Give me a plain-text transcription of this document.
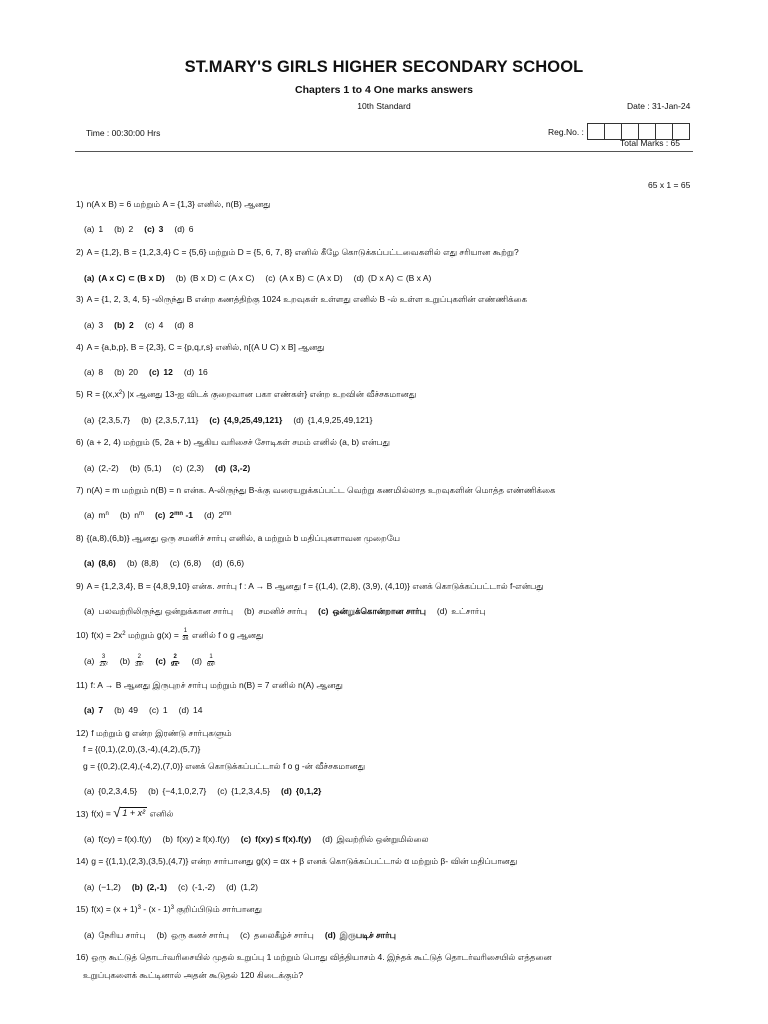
ST.MARY'S GIRLS HIGHER SECONDARY SCHOOL
Chapters 1 to 4 One marks answers
10th Standard	Date : 31-Jan-24
Time : 00:30:00 Hrs	Reg.No. :
Total Marks : 65
65 x 1 = 65
1) n(A x B) = 6 மற்றும் A = {1,3} எனில், n(B) ஆனது
(a) 1 (b) 2 (c) 3 (d) 6
2) A = {1,2}, B = {1,2,3,4} C = {5,6} மற்றும் D = {5, 6, 7, 8} எனில் கீழே கொடுக்கப்பட்டவைகளில் எது சரியான கூற்று?
(a) (A x C) ⊂ (B x D) (b) (B x D) ⊂ (A x C) (c) (A x B) ⊂ (A x D) (d) (D x A) ⊂ (B x A)
3) A = {1, 2, 3, 4, 5} -லிருந்து B என்ற கணத்திற்கு 1024 உறவுகள் உள்ளது எனில் B -ல் உள்ள உறுப்புகளின் எண்ணிக்கை
(a) 3 (b) 2 (c) 4 (d) 8
4) A = {a,b,p}, B = {2,3}, C = {p,q,r,s} எனில், n[(A U C) x B] ஆனது
(a) 8 (b) 20 (c) 12 (d) 16
5) $R = \{(x,x^2)$ |x ஆனது 13-ஐ விடக் குறைவான பகா எண்கள்} என்ற உறவின் வீச்சகமானது
(a) {2,3,5,7} (b) {2,3,5,7,11} (c) {4,9,25,49,121} (d) {1,4,9,25,49,121}
6) (a + 2, 4) மற்றும் (5, 2a + b) ஆகிய வரிசைச் சோடிகள் சமம் எனில் (a, b) என்பது
(a) (2,-2) (b) (5,1) (c) (2,3) (d) (3,-2)
7) n(A) = m மற்றும் n(B) = n என்க. A-லிருந்து B-க்கு வரையறுக்கப்பட்ட வெற்று கணமில்லாத உறவுகளின் மொத்த எண்ணிக்கை
(a) $m^n$ (b) $n^m$ (c) $2^{mn}$ -1 (d) $2^{mn}$
8) {(a,8),(6,b)} ஆனது ஒரு சமனிச் சார்பு எனில், a மற்றும் b மதிப்புகளாவன முறையே
(a) (8,6) (b) (8,8) (c) (6,8) (d) (6,6)
9) A = {1,2,3,4}, B = {4,8,9,10} என்க. சார்பு f : A → B ஆனது f = {(1,4), (2,8), (3,9), (4,10)} எனக் கொடுக்கப்பட்டால் f-என்பது
(a) பலவற்றிலிருந்து ஒன்றுக்கான சார்பு (b) சமனிச் சார்பு (c) ஒன்றுக்கொன்றான சார்பு (d) உட்சார்பு
10) $f(x) = 2x^2$ மற்றும் $g(x) = \frac{1}{3x}$ எனில் f o g ஆனது
$(a) \frac{3}{\text{2x²}} (b) \frac{2}{\text{3x²}} (c) \frac{2}{\text{9x²}} (d) \frac{1}{\text{6x²}}$
11) f: A → B ஆனது இருபுறச் சார்பு மற்றும் n(B) = 7 எனில் n(A) ஆனது
(a) 7 (b) 49 (c) 1 (d) 14
12) f மற்றும் g என்ற இரண்டு சார்புகளும்
f = {(0,1),(2,0),(3,-4),(4,2),(5,7)}
g = {(0,2),(2,4),(-4,2),(7,0)} எனக் கொடுக்கப்பட்டால் f o g -ன் வீச்சகமானது
(a) {0,2,3,4,5} (b) {−4,1,0,2,7} (c) {1,2,3,4,5} (d) {0,1,2}
13) f(x) = √ 1 + x² எனில்
(a) f(cy) = f(x).f(y) (b) f(xy) ≥ f(x).f(y) (c) f(xy) ≤ f(x).f(y) (d) இவற்றில் ஒன்றுமில்லை
14) g = {(1,1),(2,3),(3,5),(4,7)} என்ற சார்பானது g(x) = αx + β எனக் கொடுக்கப்பட்டால் α மற்றும் β- வின் மதிப்பானது
(a) (−1,2) (b) (2,-1) (c) (-1,-2) (d) (1,2)
15) $f(x) = (x + 1)^3 - (x - 1)^3$ குறிப்பிடும் சார்பானது
(a) நேரிய சார்பு (b) ஒரு கனச் சார்பு (c) தலைகீழ்ச் சார்பு (d) இருபடிச் சார்பு
16) ஒரு கூட்டுத் தொடர்வரிசையில் முதல் உறுப்பு 1 மற்றும் பொது வித்தியாசம் 4. இந்தக் கூட்டுத் தொடர்வரிசையில் எத்தனை
உறுப்புகளைக் கூட்டினால் அதன் கூடுதல் 120 கிடைக்கும்?
